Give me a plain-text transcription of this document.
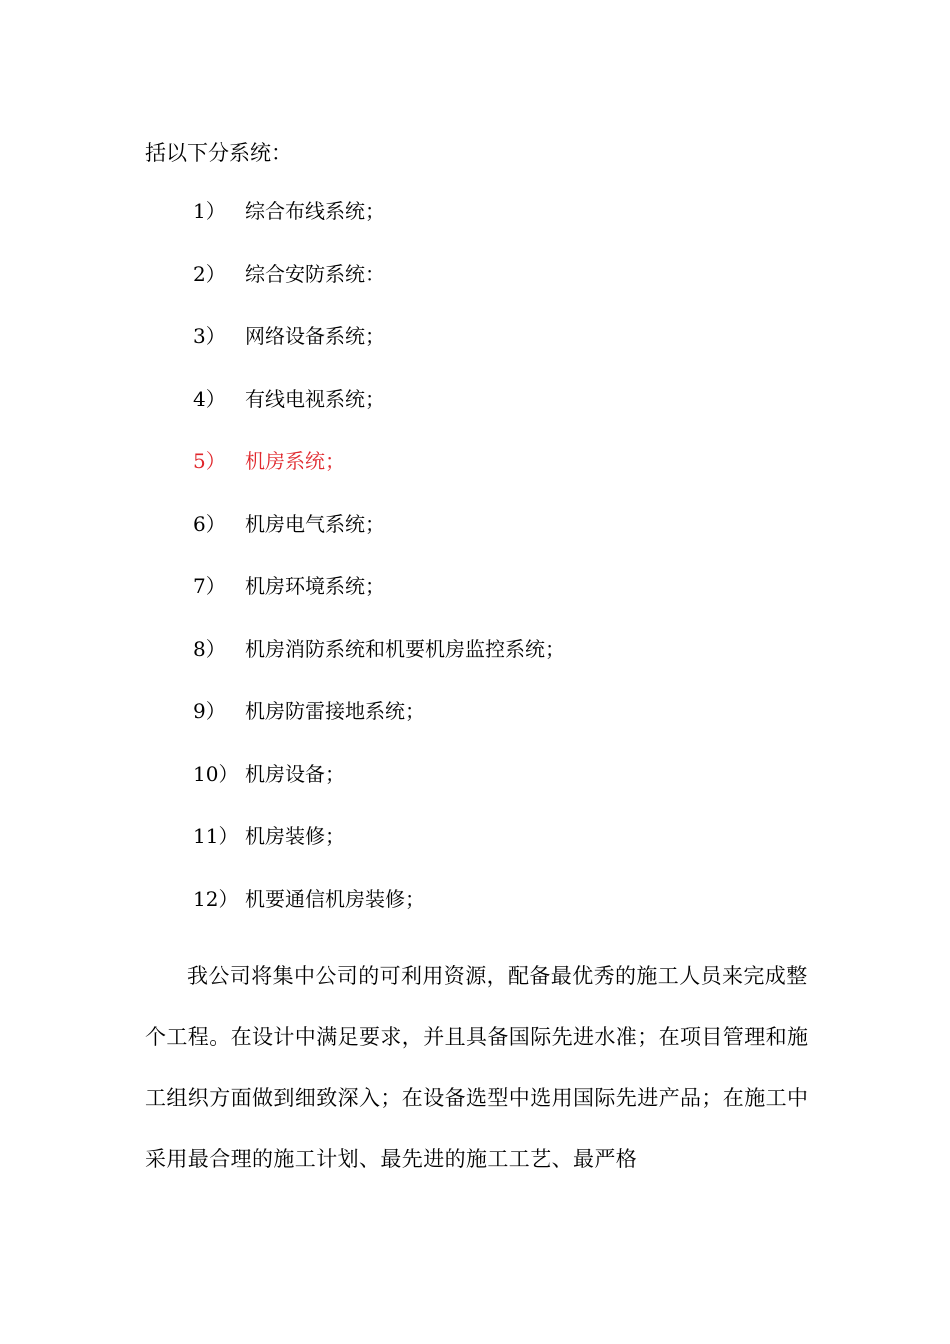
括以下分系统：
1） 综合布线系统；
2） 综合安防系统：
3） 网络设备系统；
4） 有线电视系统；
5） 机房系统；
6） 机房电气系统；
7） 机房环境系统；
8） 机房消防系统和机要机房监控系统；
9） 机房防雷接地系统；
10） 机房设备；
11） 机房装修；
12） 机要通信机房装修；

我公司将集中公司的可利用资源，配备最优秀的施工人员来完成整个工程。在设计中满足要求，并且具备国际先进水准；在项目管理和施工组织方面做到细致深入；在设备选型中选用国际先进产品；在施工中采用最合理的施工计划、最先进的施工工艺、最严格
